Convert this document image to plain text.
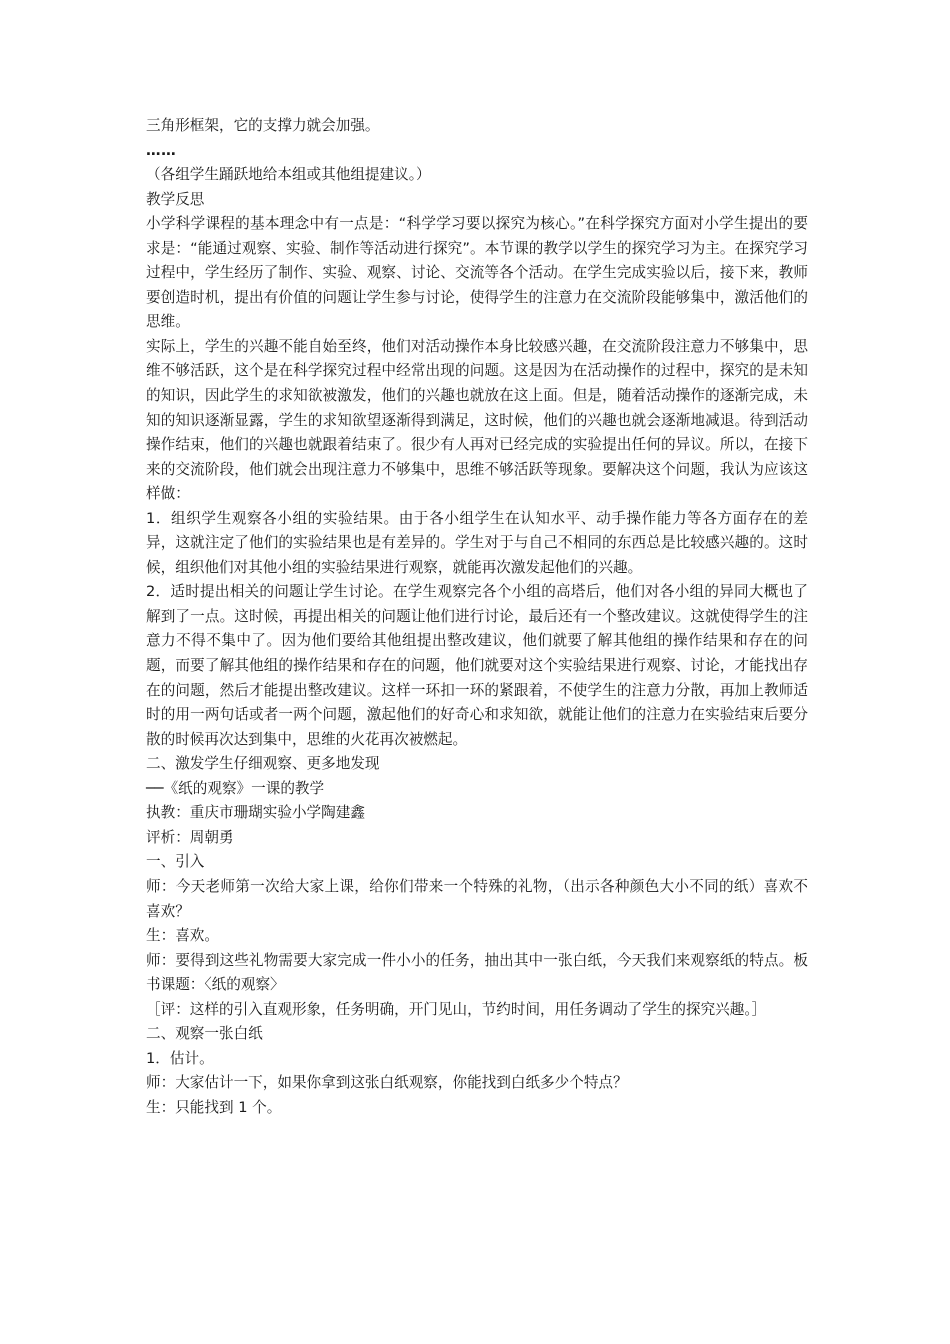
三角形框架，它的支撑力就会加强。

……

（各组学生踊跃地给本组或其他组提建议。）

教学反思

小学科学课程的基本理念中有一点是：“科学学习要以探究为核心。”在科学探究方面对小学生提出的要求是：“能通过观察、实验、制作等活动进行探究”。本节课的教学以学生的探究学习为主。在探究学习过程中，学生经历了制作、实验、观察、讨论、交流等各个活动。在学生完成实验以后，接下来，教师要创造时机，提出有价值的问题让学生参与讨论，使得学生的注意力在交流阶段能够集中，激活他们的思维。

实际上，学生的兴趣不能自始至终，他们对活动操作本身比较感兴趣，在交流阶段注意力不够集中，思维不够活跃，这个是在科学探究过程中经常出现的问题。这是因为在活动操作的过程中，探究的是未知的知识，因此学生的求知欲被激发，他们的兴趣也就放在这上面。但是，随着活动操作的逐渐完成，未知的知识逐渐显露，学生的求知欲望逐渐得到满足，这时候，他们的兴趣也就会逐渐地减退。待到活动操作结束，他们的兴趣也就跟着结束了。很少有人再对已经完成的实验提出任何的异议。所以，在接下来的交流阶段，他们就会出现注意力不够集中，思维不够活跃等现象。要解决这个问题，我认为应该这样做：

1．组织学生观察各小组的实验结果。由于各小组学生在认知水平、动手操作能力等各方面存在的差异，这就注定了他们的实验结果也是有差异的。学生对于与自己不相同的东西总是比较感兴趣的。这时候，组织他们对其他小组的实验结果进行观察，就能再次激发起他们的兴趣。

2．适时提出相关的问题让学生讨论。在学生观察完各个小组的高塔后，他们对各小组的异同大概也了解到了一点。这时候，再提出相关的问题让他们进行讨论，最后还有一个整改建议。这就使得学生的注意力不得不集中了。因为他们要给其他组提出整改建议，他们就要了解其他组的操作结果和存在的问题，而要了解其他组的操作结果和存在的问题，他们就要对这个实验结果进行观察、讨论，才能找出存在的问题，然后才能提出整改建议。这样一环扣一环的紧跟着，不使学生的注意力分散，再加上教师适时的用一两句话或者一两个问题，激起他们的好奇心和求知欲，就能让他们的注意力在实验结束后要分散的时候再次达到集中，思维的火花再次被燃起。

二、激发学生仔细观察、更多地发现

──《纸的观察》一课的教学

执教：重庆市珊瑚实验小学陶建鑫

评析：周朝勇

一、引入

师：今天老师第一次给大家上课，给你们带来一个特殊的礼物，（出示各种颜色大小不同的纸）喜欢不喜欢？

生：喜欢。

师：要得到这些礼物需要大家完成一件小小的任务，抽出其中一张白纸，今天我们来观察纸的特点。板书课题：〈纸的观察〉

［评：这样的引入直观形象，任务明确，开门见山，节约时间，用任务调动了学生的探究兴趣。］

二、观察一张白纸

1．估计。

师：大家估计一下，如果你拿到这张白纸观察，你能找到白纸多少个特点？

生：只能找到 1 个。
